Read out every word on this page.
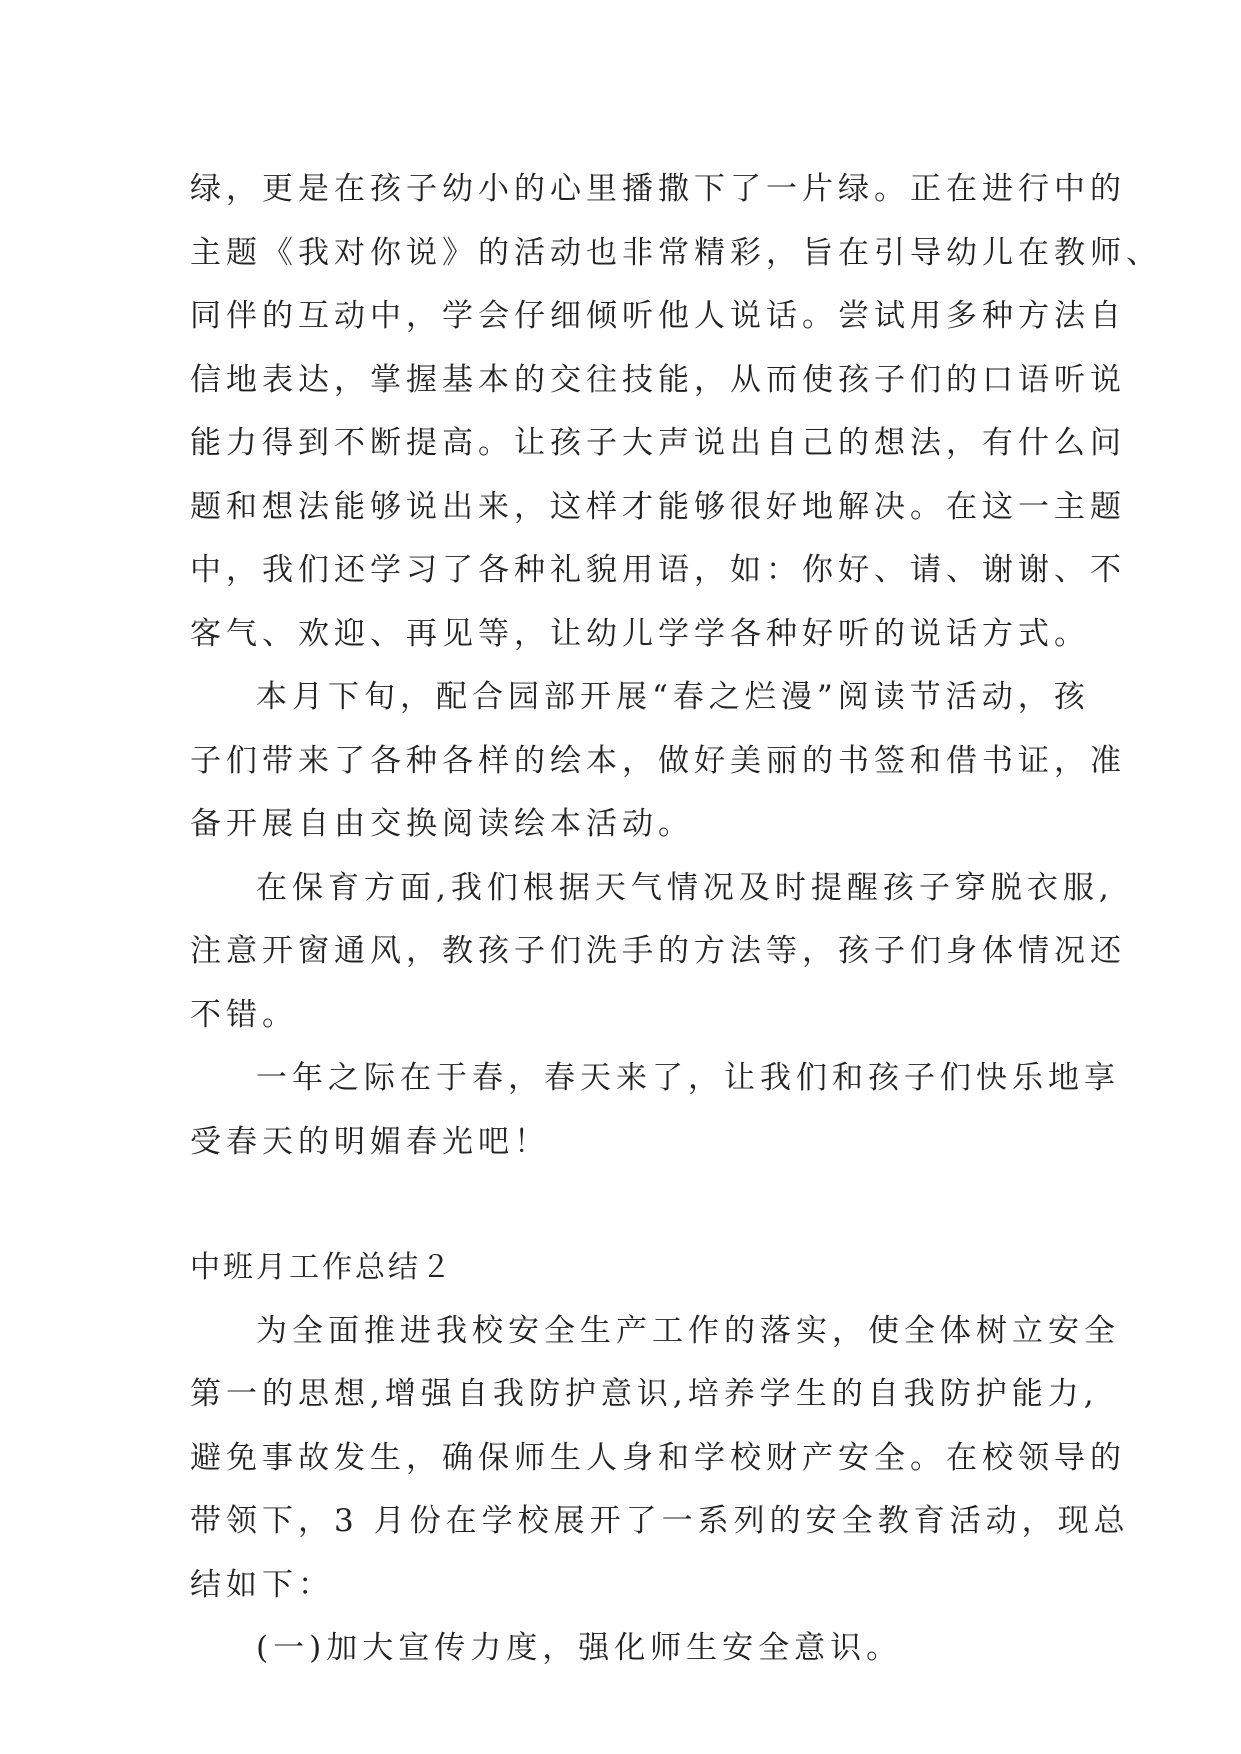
绿，更是在孩子幼小的心里播撒下了一片绿。正在进行中的
主题《我对你说》的活动也非常精彩，旨在引导幼儿在教师、
同伴的互动中，学会仔细倾听他人说话。尝试用多种方法自
信地表达，掌握基本的交往技能，从而使孩子们的口语听说
能力得到不断提高。让孩子大声说出自己的想法，有什么问
题和想法能够说出来，这样才能够很好地解决。在这一主题
中，我们还学习了各种礼貌用语，如：你好、请、谢谢、不
客气、欢迎、再见等，让幼儿学学各种好听的说话方式。
本月下旬，配合园部开展“春之烂漫”阅读节活动，孩
子们带来了各种各样的绘本，做好美丽的书签和借书证，准
备开展自由交换阅读绘本活动。
在保育方面,我们根据天气情况及时提醒孩子穿脱衣服,
注意开窗通风，教孩子们洗手的方法等，孩子们身体情况还
不错。
一年之际在于春，春天来了，让我们和孩子们快乐地享
受春天的明媚春光吧！
中班月工作总结２
为全面推进我校安全生产工作的落实，使全体树立安全
第一的思想,增强自我防护意识,培养学生的自我防护能力,
避免事故发生，确保师生人身和学校财产安全。在校领导的
带领下，3 月份在学校展开了一系列的安全教育活动，现总
结如下：
(一)加大宣传力度，强化师生安全意识。
